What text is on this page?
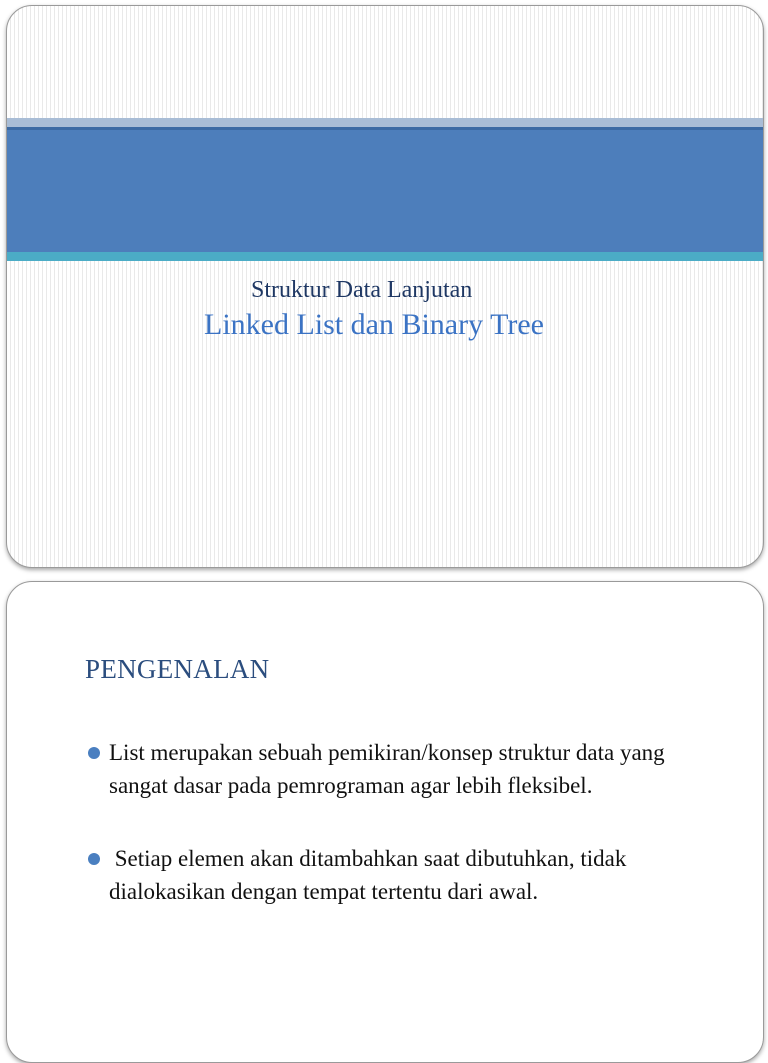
Struktur Data Lanjutan
Linked List dan Binary Tree
PENGENALAN
List merupakan sebuah pemikiran/konsep struktur data yang sangat dasar pada pemrograman agar lebih fleksibel.
Setiap elemen akan ditambahkan saat dibutuhkan, tidak dialokasikan dengan tempat tertentu dari awal.
